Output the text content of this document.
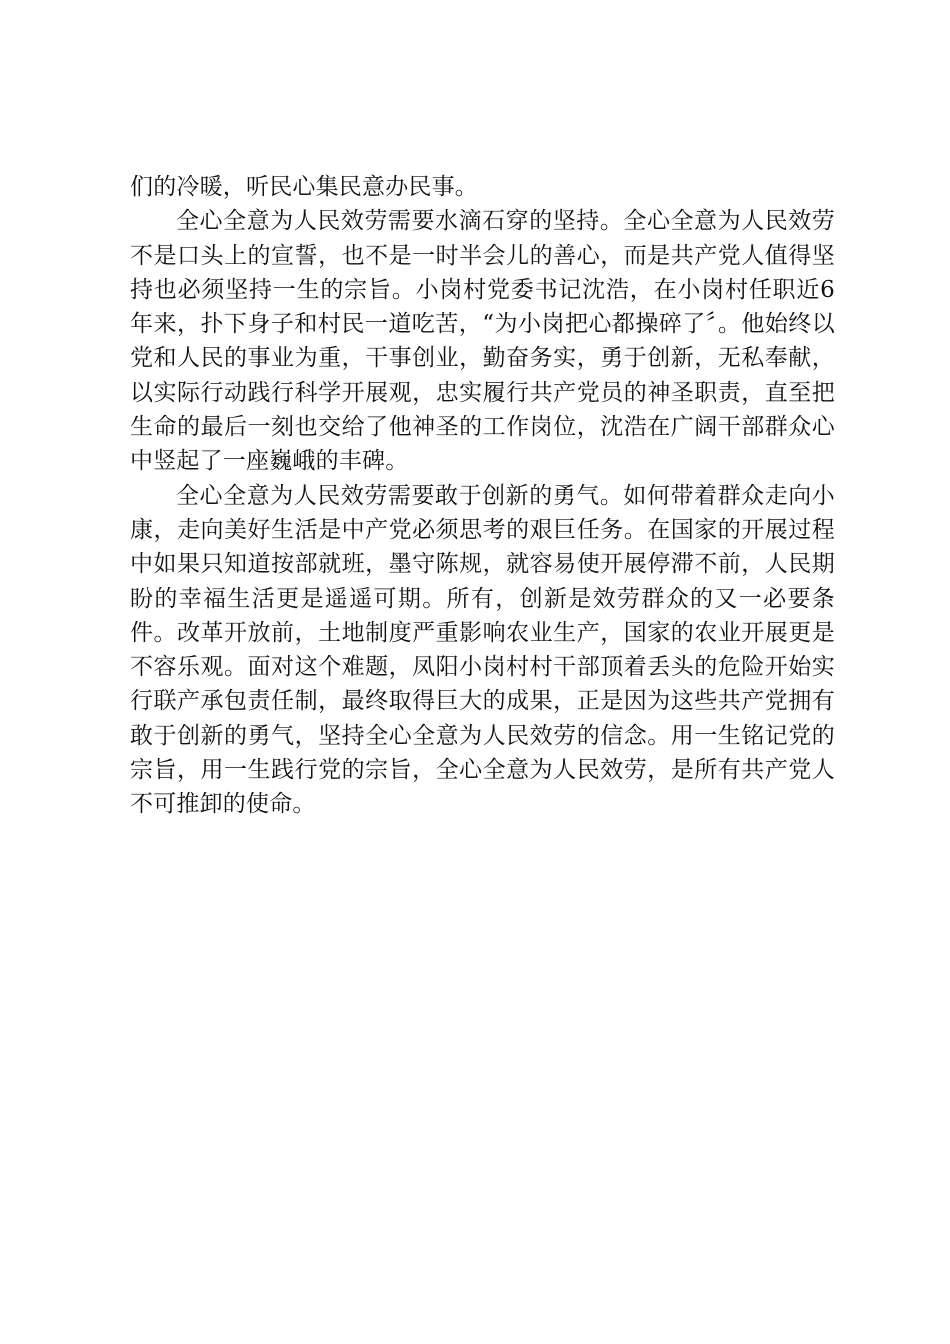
们的冷暖，听民心集民意办民事。

全心全意为人民效劳需要水滴石穿的坚持。全心全意为人民效劳不是口头上的宣誓，也不是一时半会儿的善心，而是共产党人值得坚持也必须坚持一生的宗旨。小岗村党委书记沈浩，在小岗村任职近6年来，扑下身子和村民一道吃苦，“为小岗把心都操碎了〞。他始终以党和人民的事业为重，干事创业，勤奋务实，勇于创新，无私奉献，以实际行动践行科学开展观，忠实履行共产党员的神圣职责，直至把生命的最后一刻也交给了他神圣的工作岗位，沈浩在广阔干部群众心中竖起了一座巍峨的丰碑。

全心全意为人民效劳需要敢于创新的勇气。如何带着群众走向小康，走向美好生活是中产党必须思考的艰巨任务。在国家的开展过程中如果只知道按部就班，墨守陈规，就容易使开展停滞不前，人民期盼的幸福生活更是遥遥可期。所有，创新是效劳群众的又一必要条件。改革开放前，土地制度严重影响农业生产，国家的农业开展更是不容乐观。面对这个难题，凤阳小岗村村干部顶着丢头的危险开始实行联产承包责任制，最终取得巨大的成果，正是因为这些共产党拥有敢于创新的勇气，坚持全心全意为人民效劳的信念。用一生铭记党的宗旨，用一生践行党的宗旨，全心全意为人民效劳，是所有共产党人不可推卸的使命。
